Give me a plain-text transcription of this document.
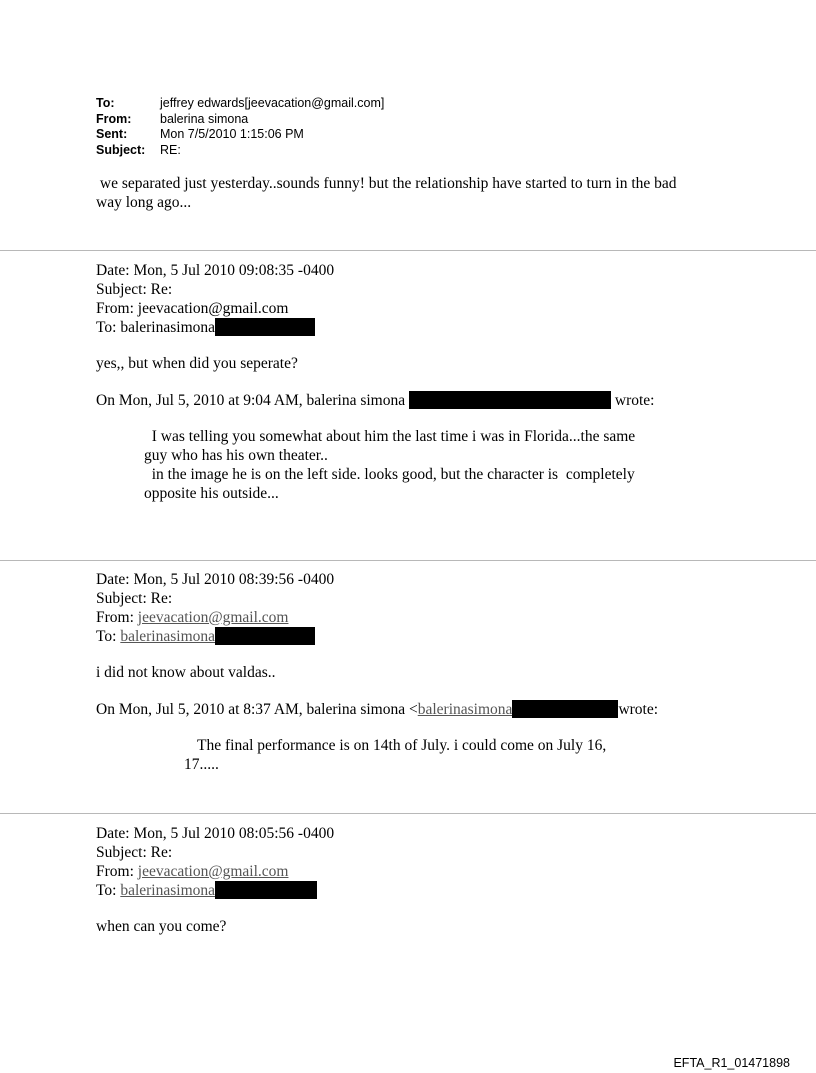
To:	jeffrey edwards[jeevacation@gmail.com]
From:	balerina simona
Sent:	Mon 7/5/2010 1:15:06 PM
Subject:	RE:
we separated just yesterday..sounds funny! but the relationship have started to turn in the bad
way long ago...
Date: Mon, 5 Jul 2010 09:08:35 -0400
Subject: Re:
From: jeevacation@gmail.com
To: balerinasimona
yes,, but when did you seperate?
On Mon, Jul 5, 2010 at 9:04 AM, balerina simona	wrote:
I was telling you somewhat about him the last time i was in Florida...the same
guy who has his own theater..
in the image he is on the left side. looks good, but the character is  completely
opposite his outside...
Date: Mon, 5 Jul 2010 08:39:56 -0400
Subject: Re:
From: jeevacation@gmail.com
To: balerinasimona
i did not know about valdas..
On Mon, Jul 5, 2010 at 8:37 AM, balerina simona <balerinasimona	wrote:
The final performance is on 14th of July. i could come on July 16,
17.....
Date: Mon, 5 Jul 2010 08:05:56 -0400
Subject: Re:
From: jeevacation@gmail.com
To: balerinasimona
when can you come?
EFTA_R1_01471898
